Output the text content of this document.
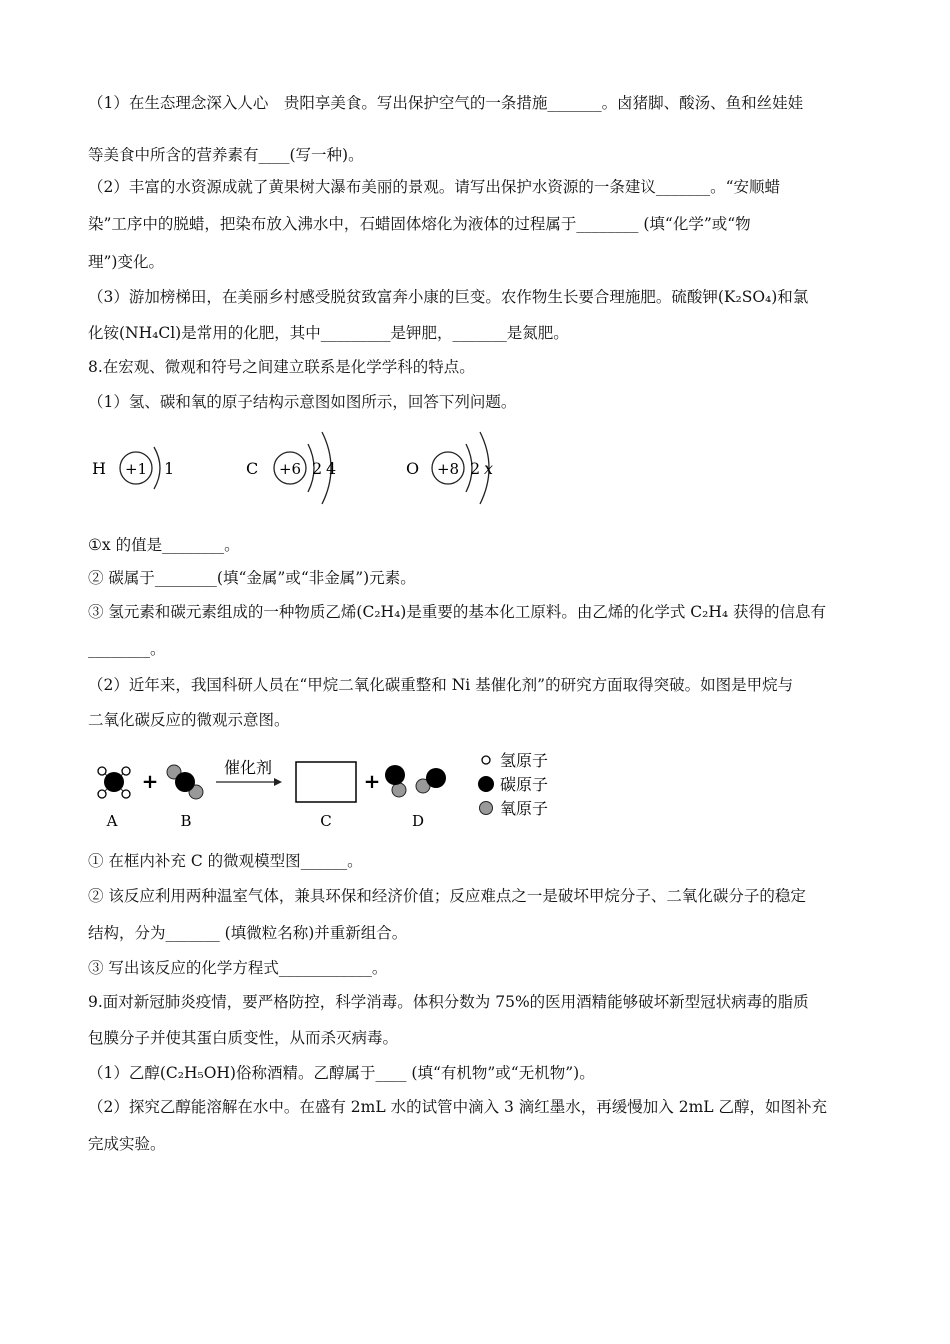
（1）在生态理念深入人心　贵阳享美食。写出保护空气的一条措施_______。卤猪脚、酸汤、鱼和丝娃娃
等美食中所含的营养素有____(写一种)。
（2）丰富的水资源成就了黄果树大瀑布美丽的景观。请写出保护水资源的一条建议_______。“安顺蜡
染”工序中的脱蜡，把染布放入沸水中，石蜡固体熔化为液体的过程属于________ (填“化学”或“物
理”)变化。
（3）游加榜梯田，在美丽乡村感受脱贫致富奔小康的巨变。农作物生长要合理施肥。硫酸钾(K₂SO₄)和氯
化铵(NH₄Cl)是常用的化肥，其中_________是钾肥，_______是氮肥。
8.在宏观、微观和符号之间建立联系是化学学科的特点。
（1）氢、碳和氧的原子结构示意图如图所示，回答下列问题。
H +1 1	C +6 2 4	O +8 2 x
①x 的值是________。
② 碳属于________(填“金属”或“非金属”)元素。
③ 氢元素和碳元素组成的一种物质乙烯(C₂H₄)是重要的基本化工原料。由乙烯的化学式 C₂H₄ 获得的信息有
________。
（2）近年来，我国科研人员在“甲烷二氧化碳重整和 Ni 基催化剂”的研究方面取得突破。如图是甲烷与
二氧化碳反应的微观示意图。
A
+
B
催化剂
C
+
D
氢原子
碳原子
氧原子
① 在框内补充 C 的微观模型图______。
② 该反应利用两种温室气体，兼具环保和经济价值；反应难点之一是破坏甲烷分子、二氧化碳分子的稳定
结构，分为_______ (填微粒名称)并重新组合。
③ 写出该反应的化学方程式____________。
9.面对新冠肺炎疫情，要严格防控，科学消毒。体积分数为 75%的医用酒精能够破坏新型冠状病毒的脂质
包膜分子并使其蛋白质变性，从而杀灭病毒。
（1）乙醇(C₂H₅OH)俗称酒精。乙醇属于____ (填“有机物”或“无机物”)。
（2）探究乙醇能溶解在水中。在盛有 2mL 水的试管中滴入 3 滴红墨水，再缓慢加入 2mL 乙醇，如图补充
完成实验。
